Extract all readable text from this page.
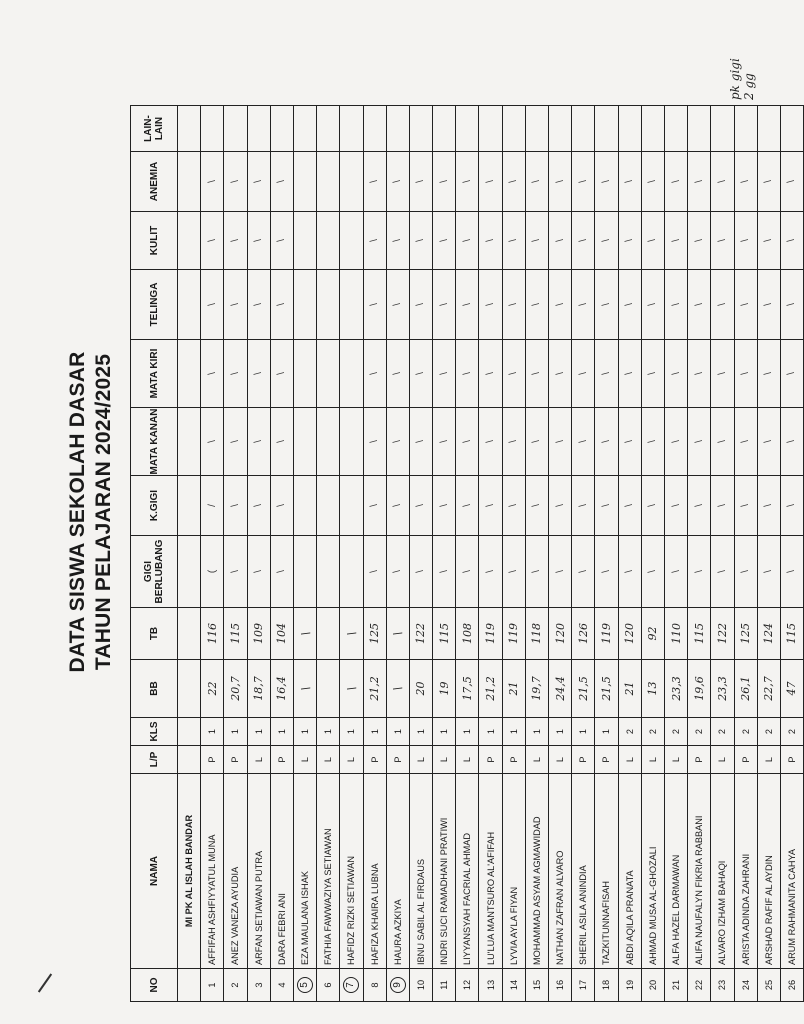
DATA SISWA SEKOLAH DASAR TAHUN PELAJARAN 2024/2025
NO	NAMA	L/P	KLS	BB	TB	GIGI BERLUBANG	K.GIGI	MATA KANAN	MATA KIRI	TELINGA	KULIT	ANEMIA	LAIN-LAIN
	MI PK AL ISLAH BANDAR												
1	AFFIFAH ASHFIYYATUL MUNA	P	1	22	116	(	/	\	\	\	\	\	
2	ANEZ VANEZA AYUDIA	P	1	20,7	115	\	\	\	\	\	\	\	
3	ARFAN SETIAWAN PUTRA	L	1	18,7	109	\	\	\	\	\	\	\	
4	DARA FEBRI ANI	P	1	16,4	104	\	\	\	\	\	\	\	
5	EZA MAULANA ISHAK	L	1	\	\								
6	FATHIA FAWWAZIYA SETIAWAN	L	1										
7	HAFIDZ RIZKI SETIAWAN	L	1	\	\								
8	HAFIZA KHAIRA LUBNA	P	1	21,2	125	\	\	\	\	\	\	\	
9	HAURA AZKIYA	P	1	\	\	\	\	\	\	\	\	\	
10	IBNU SABIL AL FIRDAUS	L	1	20	122	\	\	\	\	\	\	\	
11	INDRI SUCI RAMADHANI PRATIWI	L	1	19	115	\	\	\	\	\	\	\	
12	LIYYANSYAH FACRIAL AHMAD	L	1	17,5	108	\	\	\	\	\	\	\	
13	LU'LUA MANTSURO AL'AFIFAH	P	1	21,2	119	\	\	\	\	\	\	\	
14	LYVIA AYLA FIYAN	P	1	21	119	\	\	\	\	\	\	\	
15	MOHAMMAD ASYAM AGMAWIDAD	L	1	19,7	118	\	\	\	\	\	\	\	
16	NATHAN ZAFRAN ALVARO	L	1	24,4	120	\	\	\	\	\	\	\	
17	SHERIL ASILA ANINDIA	P	1	21,5	126	\	\	\	\	\	\	\	
18	TAZKITUNNAFISAH	P	1	21,5	119	\	\	\	\	\	\	\	
19	ABDI AQILA PRANATA	L	2	21	120	\	\	\	\	\	\	\	
20	AHMAD MUSA AL-GHOZALI	L	2	13	92	\	\	\	\	\	\	\	
21	ALFA HAZEL DARMAWAN	L	2	23,3	110	\	\	\	\	\	\	\	
22	ALIFA NAUFALYN FIKRIA RABBANI	P	2	19,6	115	\	\	\	\	\	\	\	
23	ALVARO IZHAM BAHAQI	L	2	23,3	122	\	\	\	\	\	\	\	
24	ARISTA ADINDA ZAHRANI	P	2	26,1	125	\	\	\	\	\	\	\	
25	ARSHAD RAFIF AL AYDIN	L	2	22,7	124	\	\	\	\	\	\	\	
26	ARUM RAHMANITA CAHYA	P	2	47	115	\	\	\	\	\	\	\	
pk gigi 2 gg
